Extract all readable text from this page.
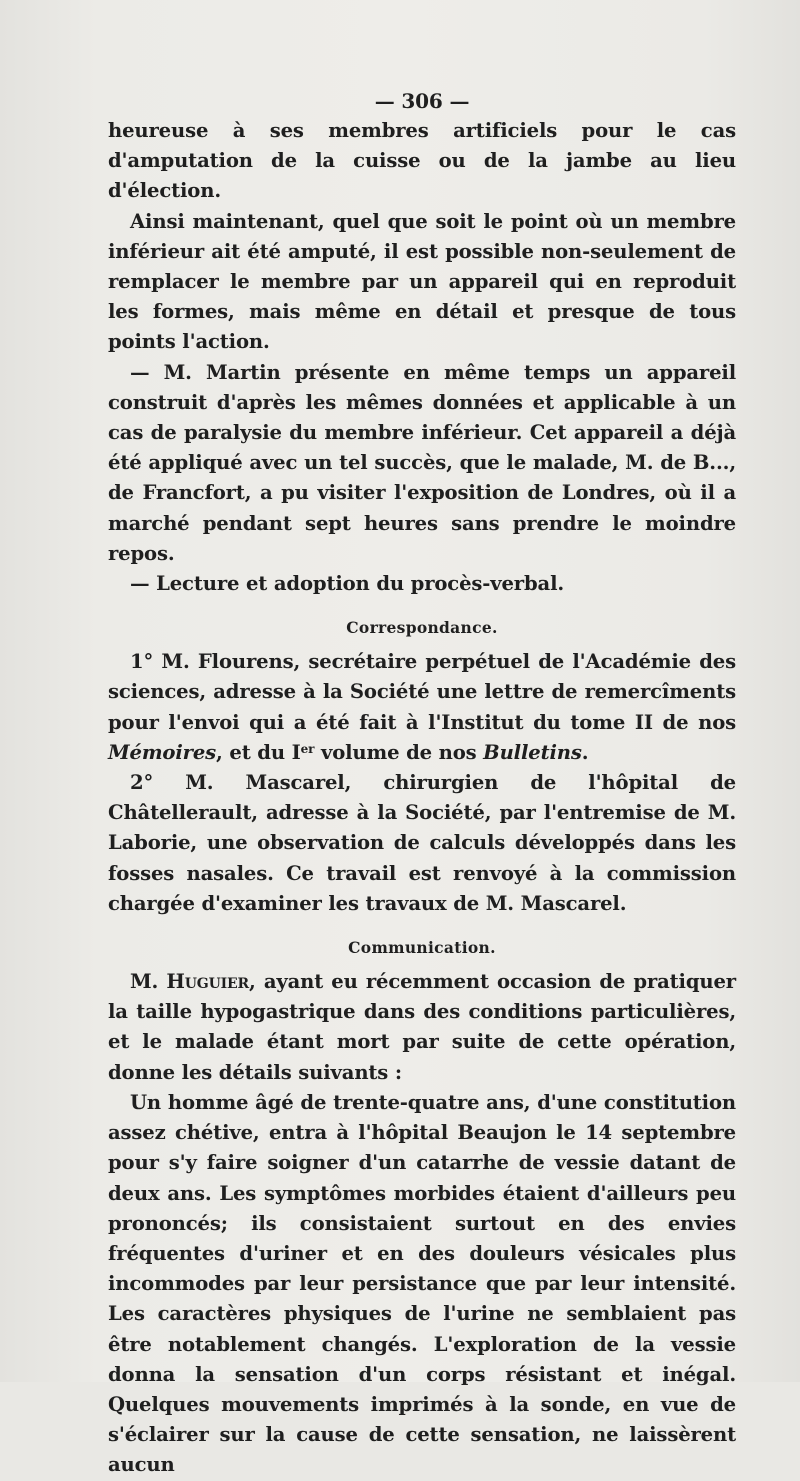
— 306 —

heureuse à ses membres artificiels pour le cas d'amputation de la cuisse ou de la jambe au lieu d'élection.

Ainsi maintenant, quel que soit le point où un membre inférieur ait été amputé, il est possible non-seulement de remplacer le membre par un appareil qui en reproduit les formes, mais même en détail et presque de tous points l'action.

— M. Martin présente en même temps un appareil construit d'après les mêmes données et applicable à un cas de paralysie du membre inférieur. Cet appareil a déjà été appliqué avec un tel succès, que le malade, M. de B..., de Francfort, a pu visiter l'exposition de Londres, où il a marché pendant sept heures sans prendre le moindre repos.

— Lecture et adoption du procès-verbal.

Correspondance.

1° M. Flourens, secrétaire perpétuel de l'Académie des sciences, adresse à la Société une lettre de remercîments pour l'envoi qui a été fait à l'Institut du tome II de nos Mémoires, et du Ier volume de nos Bulletins.

2° M. Mascarel, chirurgien de l'hôpital de Châtellerault, adresse à la Société, par l'entremise de M. Laborie, une observation de calculs développés dans les fosses nasales. Ce travail est renvoyé à la commission chargée d'examiner les travaux de M. Mascarel.

Communication.

M. Huguier, ayant eu récemment occasion de pratiquer la taille hypogastrique dans des conditions particulières, et le malade étant mort par suite de cette opération, donne les détails suivants :

Un homme âgé de trente-quatre ans, d'une constitution assez chétive, entra à l'hôpital Beaujon le 14 septembre pour s'y faire soigner d'un catarrhe de vessie datant de deux ans. Les symptômes morbides étaient d'ailleurs peu prononcés; ils consistaient surtout en des envies fréquentes d'uriner et en des douleurs vésicales plus incommodes par leur persistance que par leur intensité. Les caractères physiques de l'urine ne semblaient pas être notablement changés. L'exploration de la vessie donna la sensation d'un corps résistant et inégal. Quelques mouvements imprimés à la sonde, en vue de s'éclairer sur la cause de cette sensation, ne laissèrent aucun
